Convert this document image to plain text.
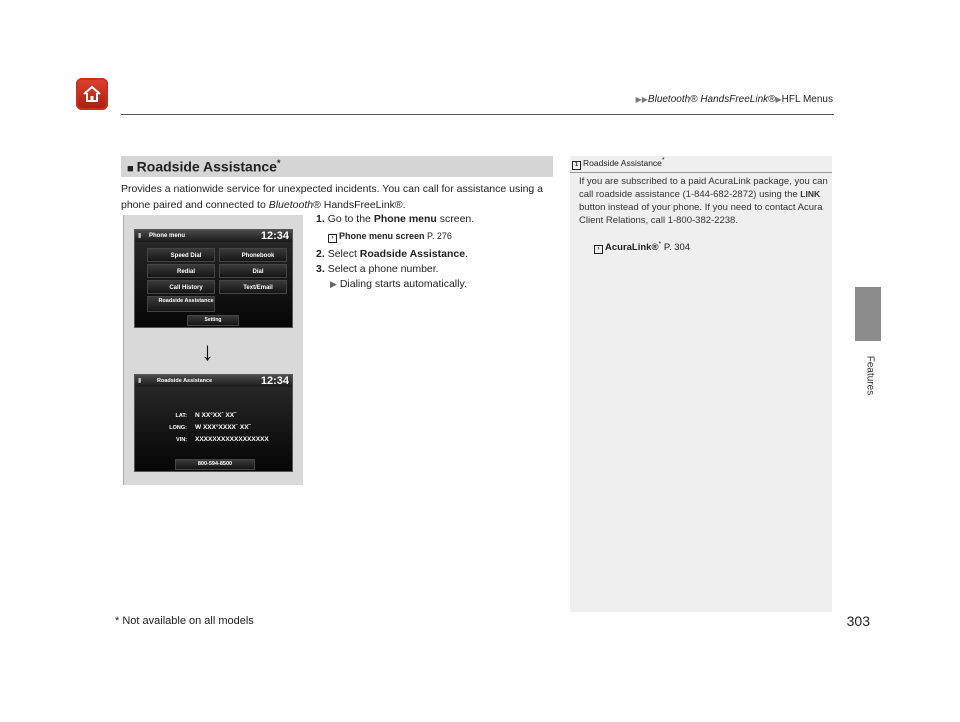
▶▶Bluetooth® HandsFreeLink®▶HFL Menus
Features
■ Roadside Assistance*
Provides a nationwide service for unexpected incidents. You can call for assistance using a phone paired and connected to Bluetooth® HandsFreeLink®.
1. Go to the Phone menu screen.
› Phone menu screen P. 276
2. Select Roadside Assistance.
3. Select a phone number.
▶ Dialing starts automatically.
▮ Phone menu	12:34
Speed Dial	Phonebook
Redial	Dial
Call History	Text/Email
Roadside Assistance
Setting
↓
▮	Roadside Assistance	12:34
LAT: N XX°XX´ XX˝
LONG: W XXX°XXXX´ XX˝
VIN: XXXXXXXXXXXXXXXXX
800-594-8500
1 Roadside Assistance*
If you are subscribed to a paid AcuraLink package, you can call roadside assistance (1-844-682-2872) using the LINK button instead of your phone. If you need to contact Acura Client Relations, call 1-800-382-2238.
› AcuraLink®* P. 304
* Not available on all models	303
